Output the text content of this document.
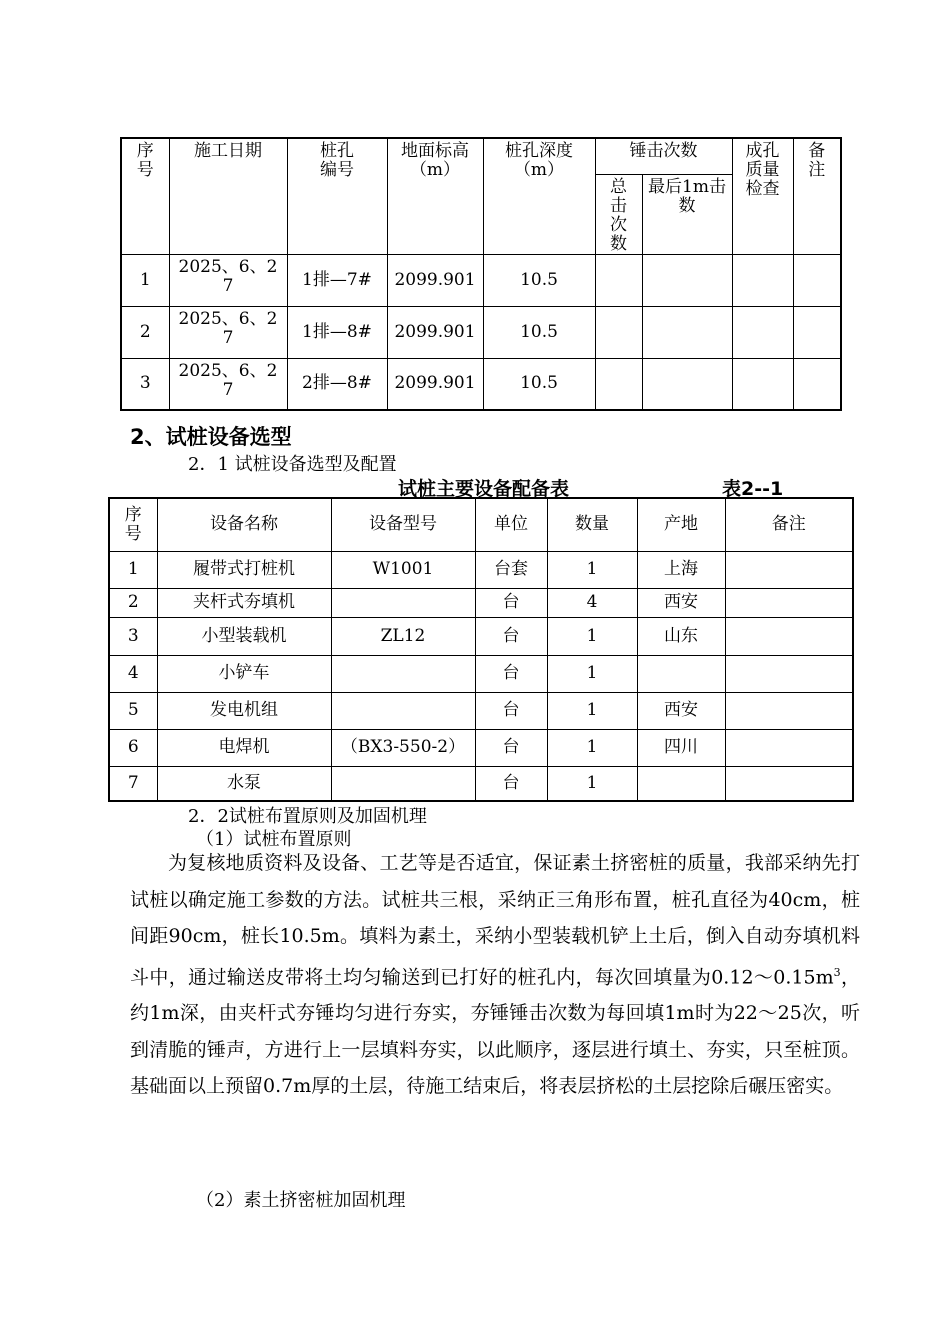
序号	施工日期	桩孔编号	地面标高（m）	桩孔深度（m）	锤击次数		成孔质量检查	备注
					总击次数	最后1m击数		
1	2025、6、27	1排—7#	2099.901	10.5				
2	2025、6、27	1排—8#	2099.901	10.5				
3	2025、6、27	2排—8#	2099.901	10.5				
2、试桩设备选型
2．1 试桩设备选型及配置
试桩主要设备配备表	表2--1
序号	设备名称	设备型号	单位	数量	产地	备注
1	履带式打桩机	W1001	台套	1	上海	
2	夹杆式夯填机		台	4	西安	
3	小型装载机	ZL12	台	1	山东	
4	小铲车		台	1		
5	发电机组		台	1	西安	
6	电焊机	（BX3-550-2）	台	1	四川	
7	水泵		台	1		
2．2试桩布置原则及加固机理
（1）试桩布置原则

为复核地质资料及设备、工艺等是否适宜，保证素土挤密桩的质量，我部采纳先打试桩以确定施工参数的方法。试桩共三根，采纳正三角形布置，桩孔直径为40cm，桩间距90cm，桩长10.5m。填料为素土，采纳小型装载机铲上土后，倒入自动夯填机料斗中，通过输送皮带将土均匀输送到已打好的桩孔内，每次回填量为$0.12\sim 0.15m^3$，约1m深，由夹杆式夯锤均匀进行夯实，夯锤锤击次数为每回填1m时为22～25次，听到清脆的锤声，方进行上一层填料夯实，以此顺序，逐层进行填土、夯实，只至桩顶。基础面以上预留0.7m厚的土层，待施工结束后，将表层挤松的土层挖除后碾压密实。

（2）素土挤密桩加固机理
